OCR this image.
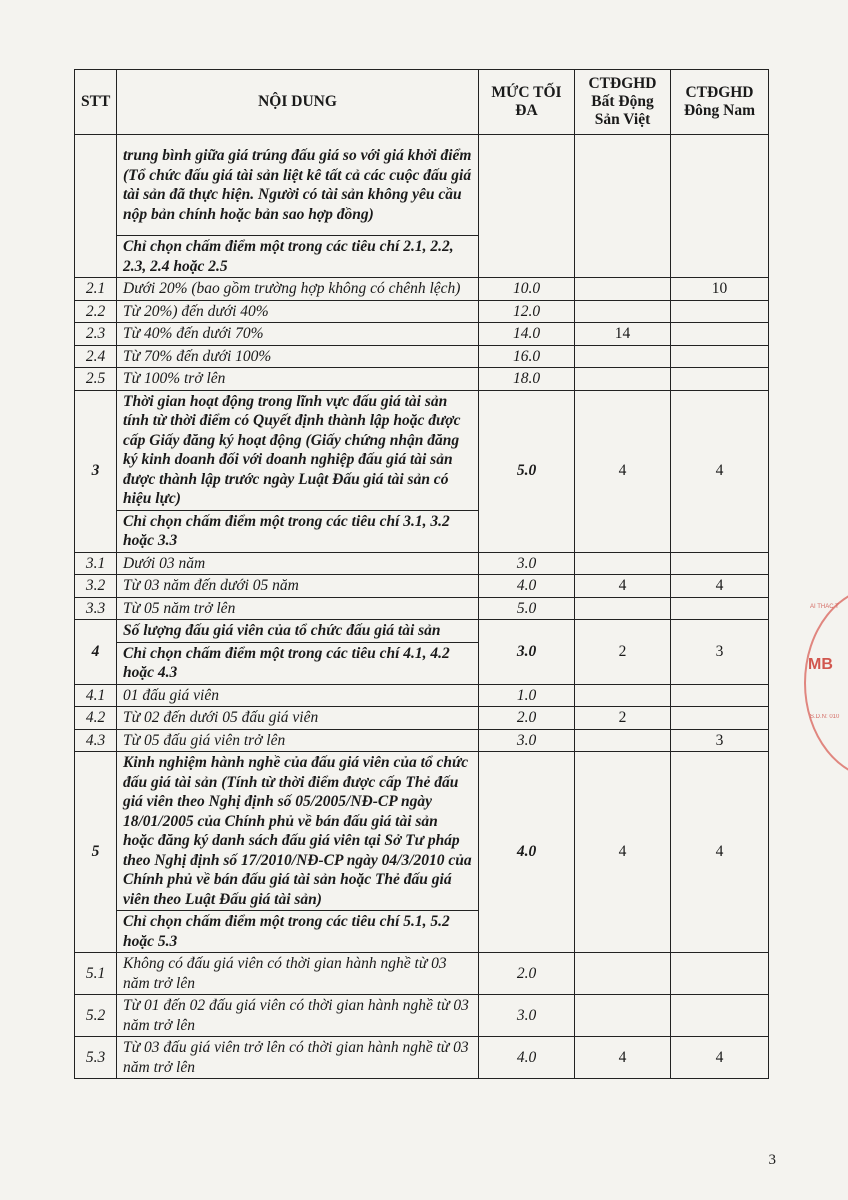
STT	NỘI DUNG	MỨC TỐI ĐA	CTĐGHD Bất Động Sản Việt	CTĐGHD Đông Nam
	trung bình giữa giá trúng đấu giá so với giá khởi điểm (Tổ chức đấu giá tài sản liệt kê tất cả các cuộc đấu giá tài sản đã thực hiện. Người có tài sản không yêu cầu nộp bản chính hoặc bản sao hợp đồng)			
	Chỉ chọn chấm điểm một trong các tiêu chí 2.1, 2.2, 2.3, 2.4 hoặc 2.5			
2.1	Dưới 20% (bao gồm trường hợp không có chênh lệch)	10.0		10
2.2	Từ 20%) đến dưới 40%	12.0		
2.3	Từ 40% đến dưới 70%	14.0	14	
2.4	Từ 70% đến dưới 100%	16.0		
2.5	Từ 100% trở lên	18.0		
3	Thời gian hoạt động trong lĩnh vực đấu giá tài sản tính từ thời điểm có Quyết định thành lập hoặc được cấp Giấy đăng ký hoạt động (Giấy chứng nhận đăng ký kinh doanh đối với doanh nghiệp đấu giá tài sản được thành lập trước ngày Luật Đấu giá tài sản có hiệu lực)	5.0	4	4
	Chỉ chọn chấm điểm một trong các tiêu chí 3.1, 3.2 hoặc 3.3			
3.1	Dưới 03 năm	3.0		
3.2	Từ 03 năm đến dưới 05 năm	4.0	4	4
3.3	Từ 05 năm trở lên	5.0		
4	Số lượng đấu giá viên của tổ chức đấu giá tài sản	3.0	2	3
	Chỉ chọn chấm điểm một trong các tiêu chí 4.1, 4.2 hoặc 4.3			
4.1	01 đấu giá viên	1.0		
4.2	Từ 02 đến dưới 05 đấu giá viên	2.0	2	
4.3	Từ 05 đấu giá viên trở lên	3.0		3
5	Kinh nghiệm hành nghề của đấu giá viên của tổ chức đấu giá tài sản (Tính từ thời điểm được cấp Thẻ đấu giá viên theo Nghị định số 05/2005/NĐ-CP ngày 18/01/2005 của Chính phủ về bán đấu giá tài sản hoặc đăng ký danh sách đấu giá viên tại Sở Tư pháp theo Nghị định số 17/2010/NĐ-CP ngày 04/3/2010 của Chính phủ về bán đấu giá tài sản hoặc Thẻ đấu giá viên theo Luật Đấu giá tài sản)	4.0	4	4
	Chỉ chọn chấm điểm một trong các tiêu chí 5.1, 5.2 hoặc 5.3			
5.1	Không có đấu giá viên có thời gian hành nghề từ 03 năm trở lên	2.0		
5.2	Từ 01 đến 02 đấu giá viên có thời gian hành nghề từ 03 năm trở lên	3.0		
5.3	Từ 03 đấu giá viên trở lên có thời gian hành nghề từ 03 năm trở lên	4.0	4	4
AI THÁC T
MB
S.D.N: 010
3
